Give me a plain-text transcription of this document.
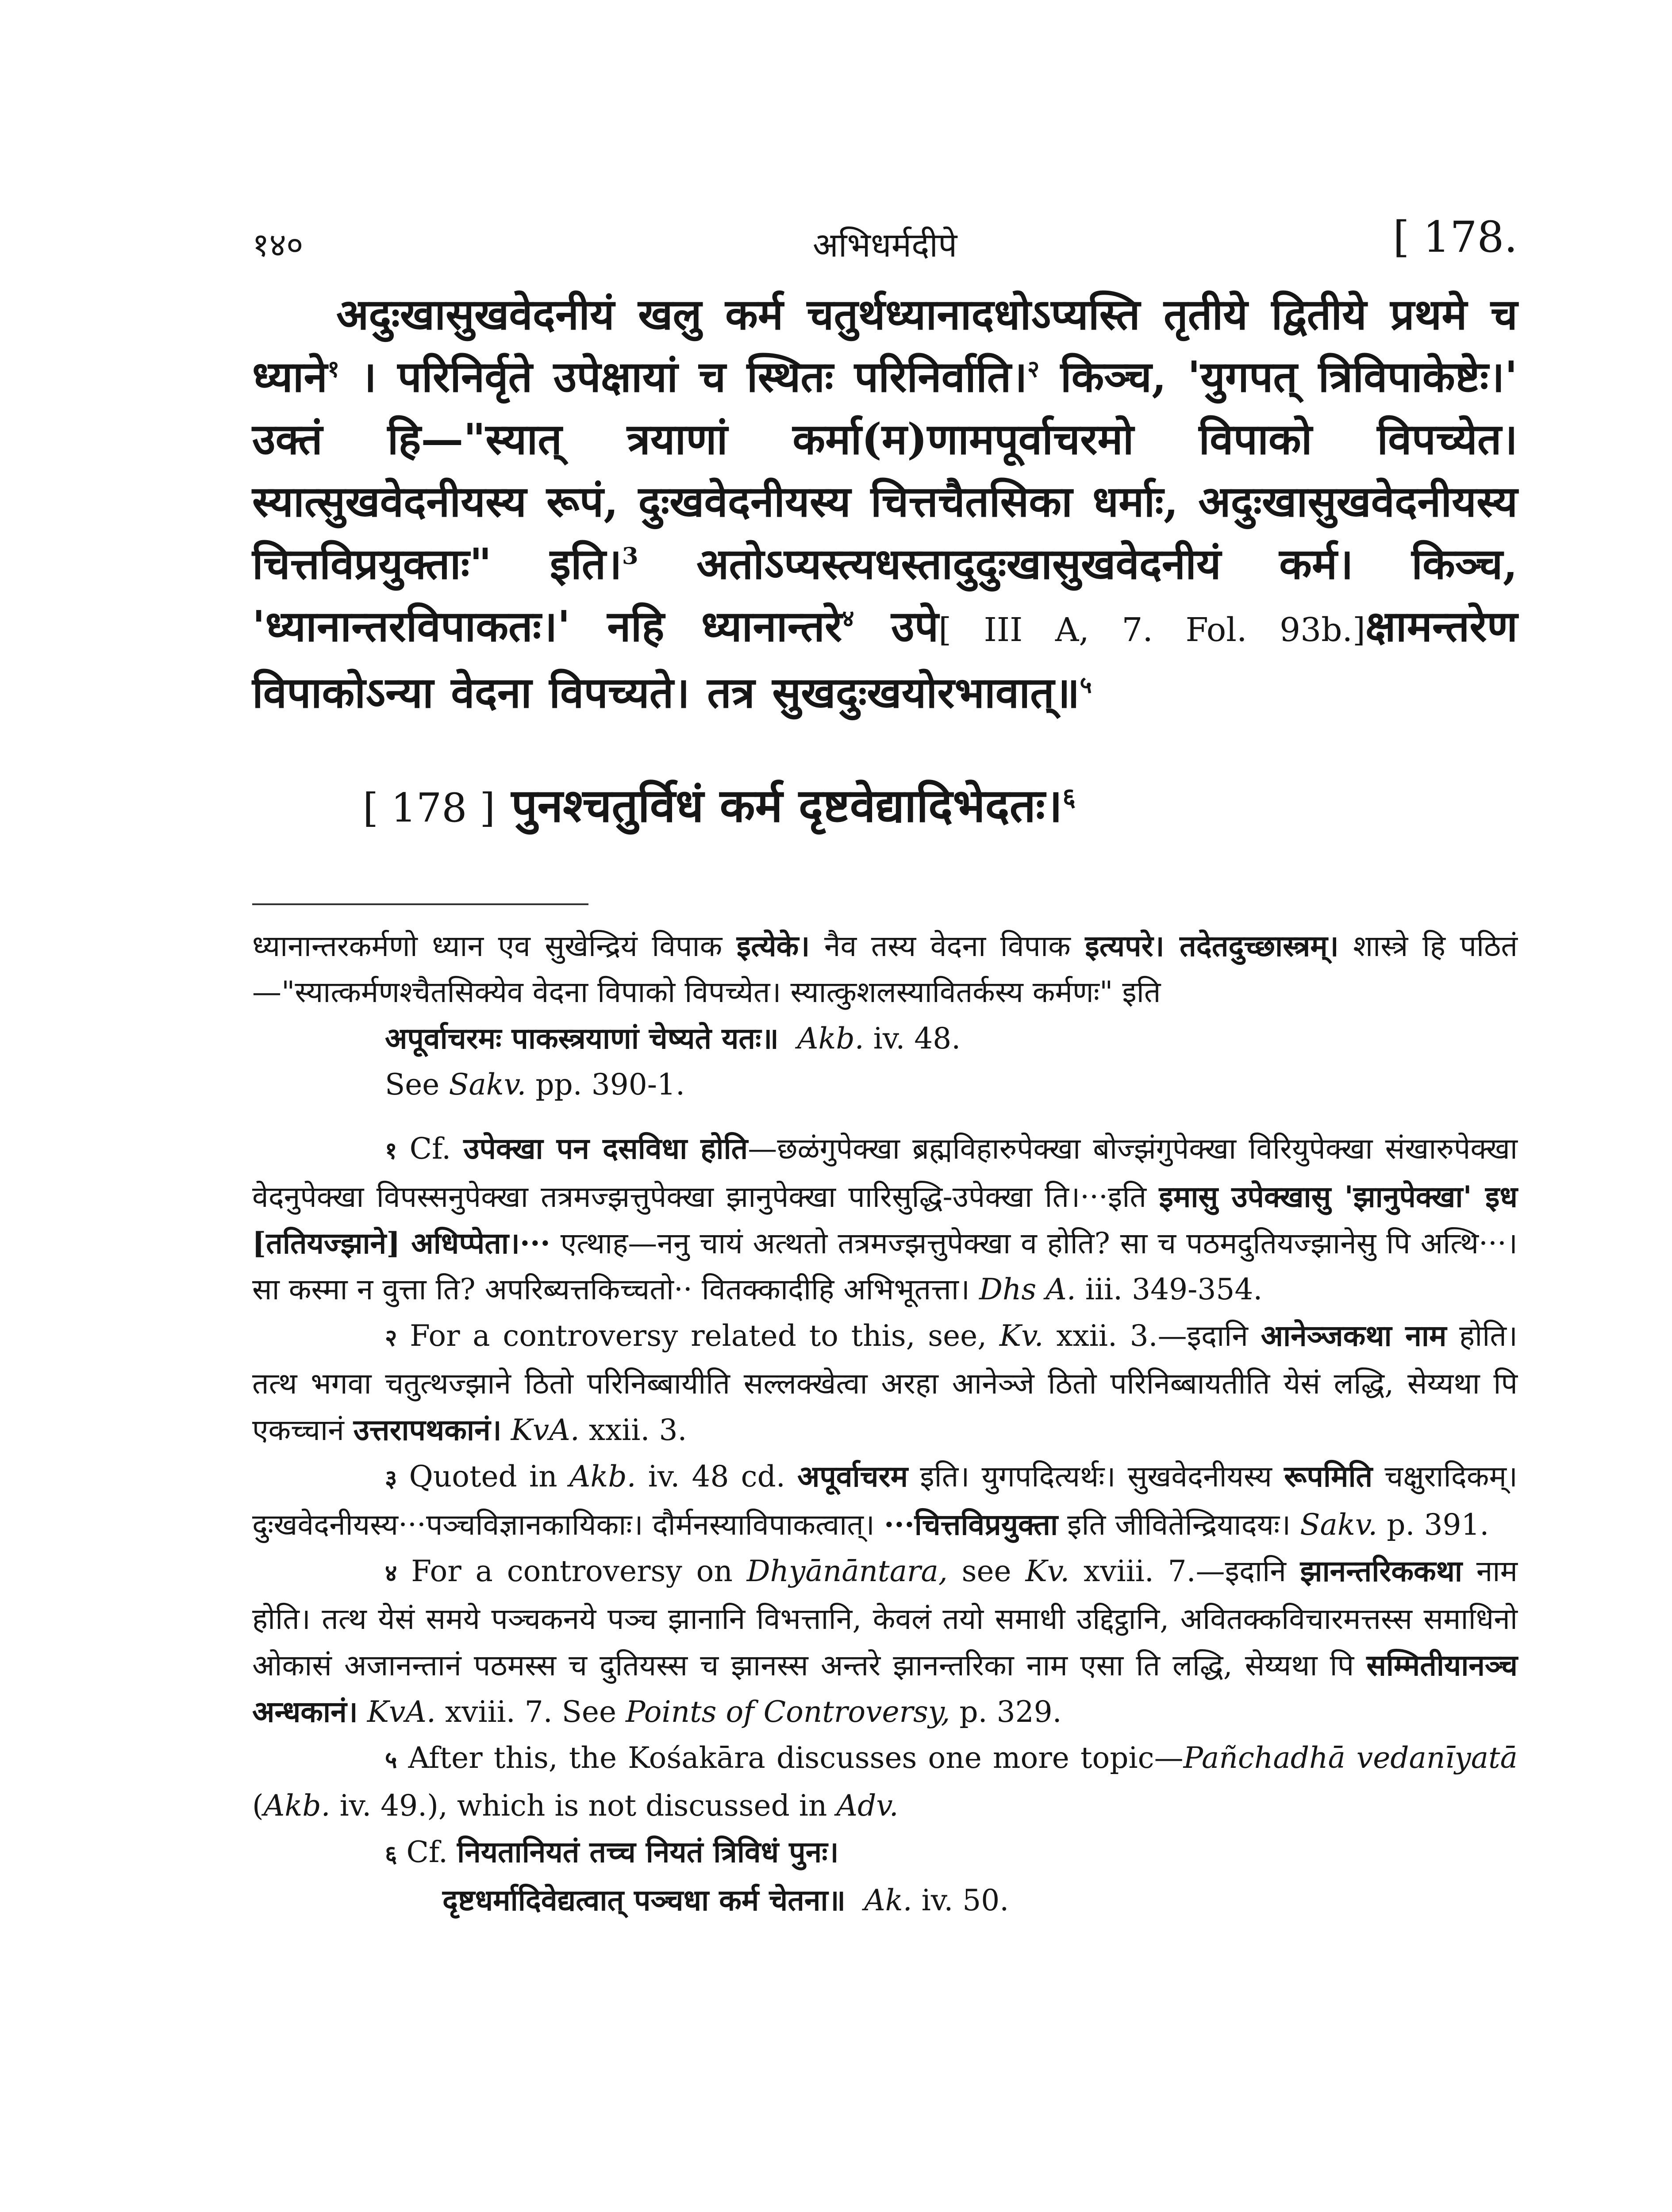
१४०	अभिधर्मदीपे	[ 178.

अदुःखासुखवेदनीयं खलु कर्म चतुर्थध्यानादधोऽप्यस्ति तृतीये द्वितीये प्रथमे च ध्याने$^१$ । परिनिर्वृते उपेक्षायां च स्थितः परिनिर्वाति।$^२$ किञ्च, 'युगपत् त्रिविपाकेष्टेः।' उक्तं हि—"स्यात् त्रयाणां कर्मा(म)णामपूर्वाचरमो विपाको विपच्येत। स्यात्सुखवेदनीयस्य रूपं, दुःखवेदनीयस्य चित्तचैतसिका धर्माः, अदुःखासुखवेदनीयस्य चित्तविप्रयुक्ताः" इति।$^3$ अतोऽप्यस्त्यधस्तादुदुःखासुखवेदनीयं कर्म। किञ्च, 'ध्यानान्तरविपाकतः।' नहि ध्यानान्तरे$^४$ उपे[ III A, 7. Fol. 93b.]क्षामन्तरेण विपाकोऽन्या वेदना विपच्यते। तत्र सुखदुःखयोरभावात्॥$^५$

[ 178 ] पुनश्चतुर्विधं कर्म दृष्टवेद्यादिभेदतः।$^६$

ध्यानान्तरकर्मणो ध्यान एव सुखेन्द्रियं विपाक इत्येके। नैव तस्य वेदना विपाक इत्यपरे। तदेतदुच्छास्त्रम्। शास्त्रे हि पठितं—"स्यात्कर्मणश्चैतसिक्येव वेदना विपाको विपच्येत। स्यात्कुशलस्यावितर्कस्य कर्मणः" इति

अपूर्वाचरमः पाकस्त्रयाणां चेष्यते यतः॥ Akb. iv. 48.

See Sakv. pp. 390-1.

१ Cf. उपेक्खा पन दसविधा होति—छळंगुपेक्खा ब्रह्मविहारुपेक्खा बोज्झंगुपेक्खा विरियुपेक्खा संखारुपेक्खा वेदनुपेक्खा विपस्सनुपेक्खा तत्रमज्झत्तुपेक्खा झानुपेक्खा पारिसुद्धि-उपेक्खा ति।···इति इमासु उपेक्खासु 'झानुपेक्खा' इध [ततियज्झाने] अधिप्पेता।··· एत्थाह—ननु चायं अत्थतो तत्रमज्झत्तुपेक्खा व होति? सा च पठमदुतियज्झानेसु पि अत्थि···। सा कस्मा न वुत्ता ति? अपरिब्यत्तकिच्चतो·· वितक्कादीहि अभिभूतत्ता। Dhs A. iii. 349-354.

२ For a controversy related to this, see, Kv. xxii. 3.—इदानि आनेञ्जकथा नाम होति। तत्थ भगवा चतुत्थज्झाने ठितो परिनिब्बायीति सल्लक्खेत्वा अरहा आनेञ्जे ठितो परिनिब्बायतीति येसं लद्धि, सेय्यथा पि एकच्चानं उत्तरापथकानं। KvA. xxii. 3.

३ Quoted in Akb. iv. 48 cd. अपूर्वाचरम इति। युगपदित्यर्थः। सुखवेदनीयस्य रूपमिति चक्षुरादिकम्। दुःखवेदनीयस्य···पञ्चविज्ञानकायिकाः। दौर्मनस्याविपाकत्वात्। ···चित्तविप्रयुक्ता इति जीवितेन्द्रियादयः। Sakv. p. 391.

४ For a controversy on Dhyānāntara, see Kv. xviii. 7.—इदानि झानन्तरिककथा नाम होति। तत्थ येसं समये पञ्चकनये पञ्च झानानि विभत्तानि, केवलं तयो समाधी उद्दिट्ठानि, अवितक्कविचारमत्तस्स समाधिनो ओकासं अजानन्तानं पठमस्स च दुतियस्स च झानस्स अन्तरे झानन्तरिका नाम एसा ति लद्धि, सेय्यथा पि सम्मितीयानञ्च अन्धकानं। KvA. xviii. 7. See Points of Controversy, p. 329.

५ After this, the Kośakāra discusses one more topic—Pañchadhā vedanīyatā (Akb. iv. 49.), which is not discussed in Adv.

६ Cf. नियतानियतं तच्च नियतं त्रिविधं पुनः।

दृष्टधर्मादिवेद्यत्वात् पञ्चधा कर्म चेतना॥ Ak. iv. 50.
